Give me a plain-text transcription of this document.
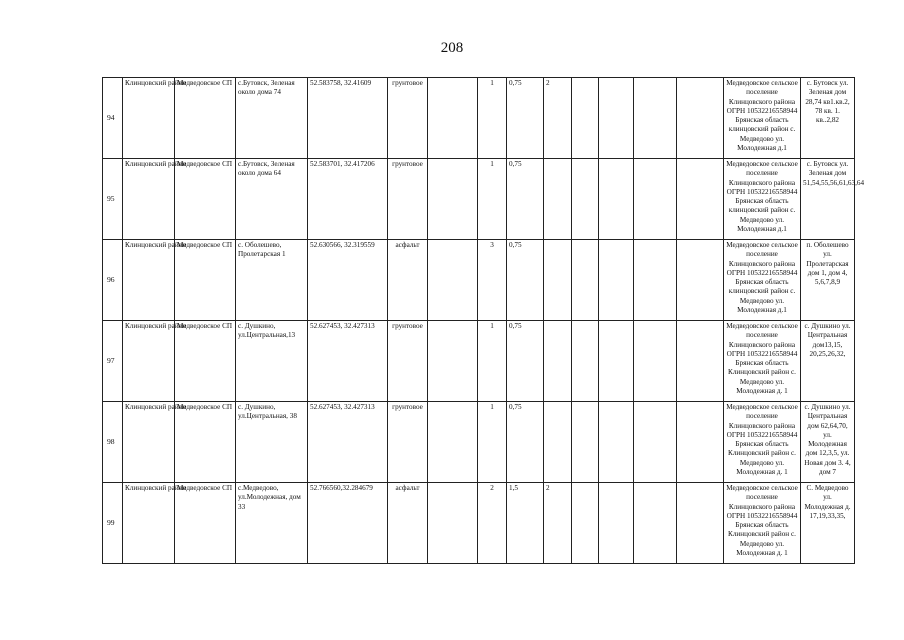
208
94	Клинцовский район	Медведовское СП	с.Бутовск, Зеленая около дома 74	52.583758, 32.41609	грунтовое		1	0,75	2					Медведовское сельское поселение Клинцовского района ОГРН 1053221655894​4 Брянская область клинцовский район с. Медведово ул. Молодежная д.1	с. Бутовск ул. Зеленая дом 28,74 кв1.кв.2, 78 кв. 1. кв..2,82

95	Клинцовский район	Медведовское СП	с.Бутовск, Зеленая около дома 64	52.583701, 32.417206	грунтовое		1	0,75						Медведовское сельское поселение Клинцовского района ОГРН 10532216558944 Брянская область клинцовский район с. Медведово ул. Молодежная д.1	с. Бутовск ул. Зеленая дом 51,54,55,56,61,63,64

96	Клинцовский район	Медведовское СП	с. Оболешево, Пролетарская 1	52.630566, 32.319559	асфальт		3	0,75						Медведовское сельское поселение Клинцовского района ОГРН 10532216558944 Брянская область клинцовский район с. Медведово ул. Молодежная д.1	п. Оболешево ул. Пролетарская дом 1, дом 4, 5,6,7,8,9

97	Клинцовский район	Медведовское СП	с. Душкино, ул.Центральная,13	52.627453, 32.427313	грунтовое		1	0,75						Медведовское сельское поселение Клинцовского района ОГРН 10532216558944 Брянская область Клинцовский район с. Медведово ул. Молодежная д. 1	с. Душкино ул. Центральная дом13,15, 20,25,26,32,

98	Клинцовский район	Медведовское СП	с. Душкино, ул.Центральная, 38	52.627453, 32.427313	грунтовое		1	0,75						Медведовское сельское поселение Клинцовского района ОГРН 10532216558944 Брянская область Клинцовский район с. Медведово ул. Молодежная д. 1	с. Душкино ул. Центральная дом 62,64,70, ул. Молодежная дом 12,3,5, ул. Новая дом 3. 4, дом 7

99	Клинцовский район	Медведовское СП	с.Медведово, ул.Молодежная, дом 33	52.766560,32.284679	асфальт		2	1,5	2					Медведовское сельское поселение Клинцовского района ОГРН 10532216558944 Брянская область Клинцовский район с. Медведово ул. Молодежная д. 1	С. Медведово ул. Молодежная д. 17,19,33,35,
